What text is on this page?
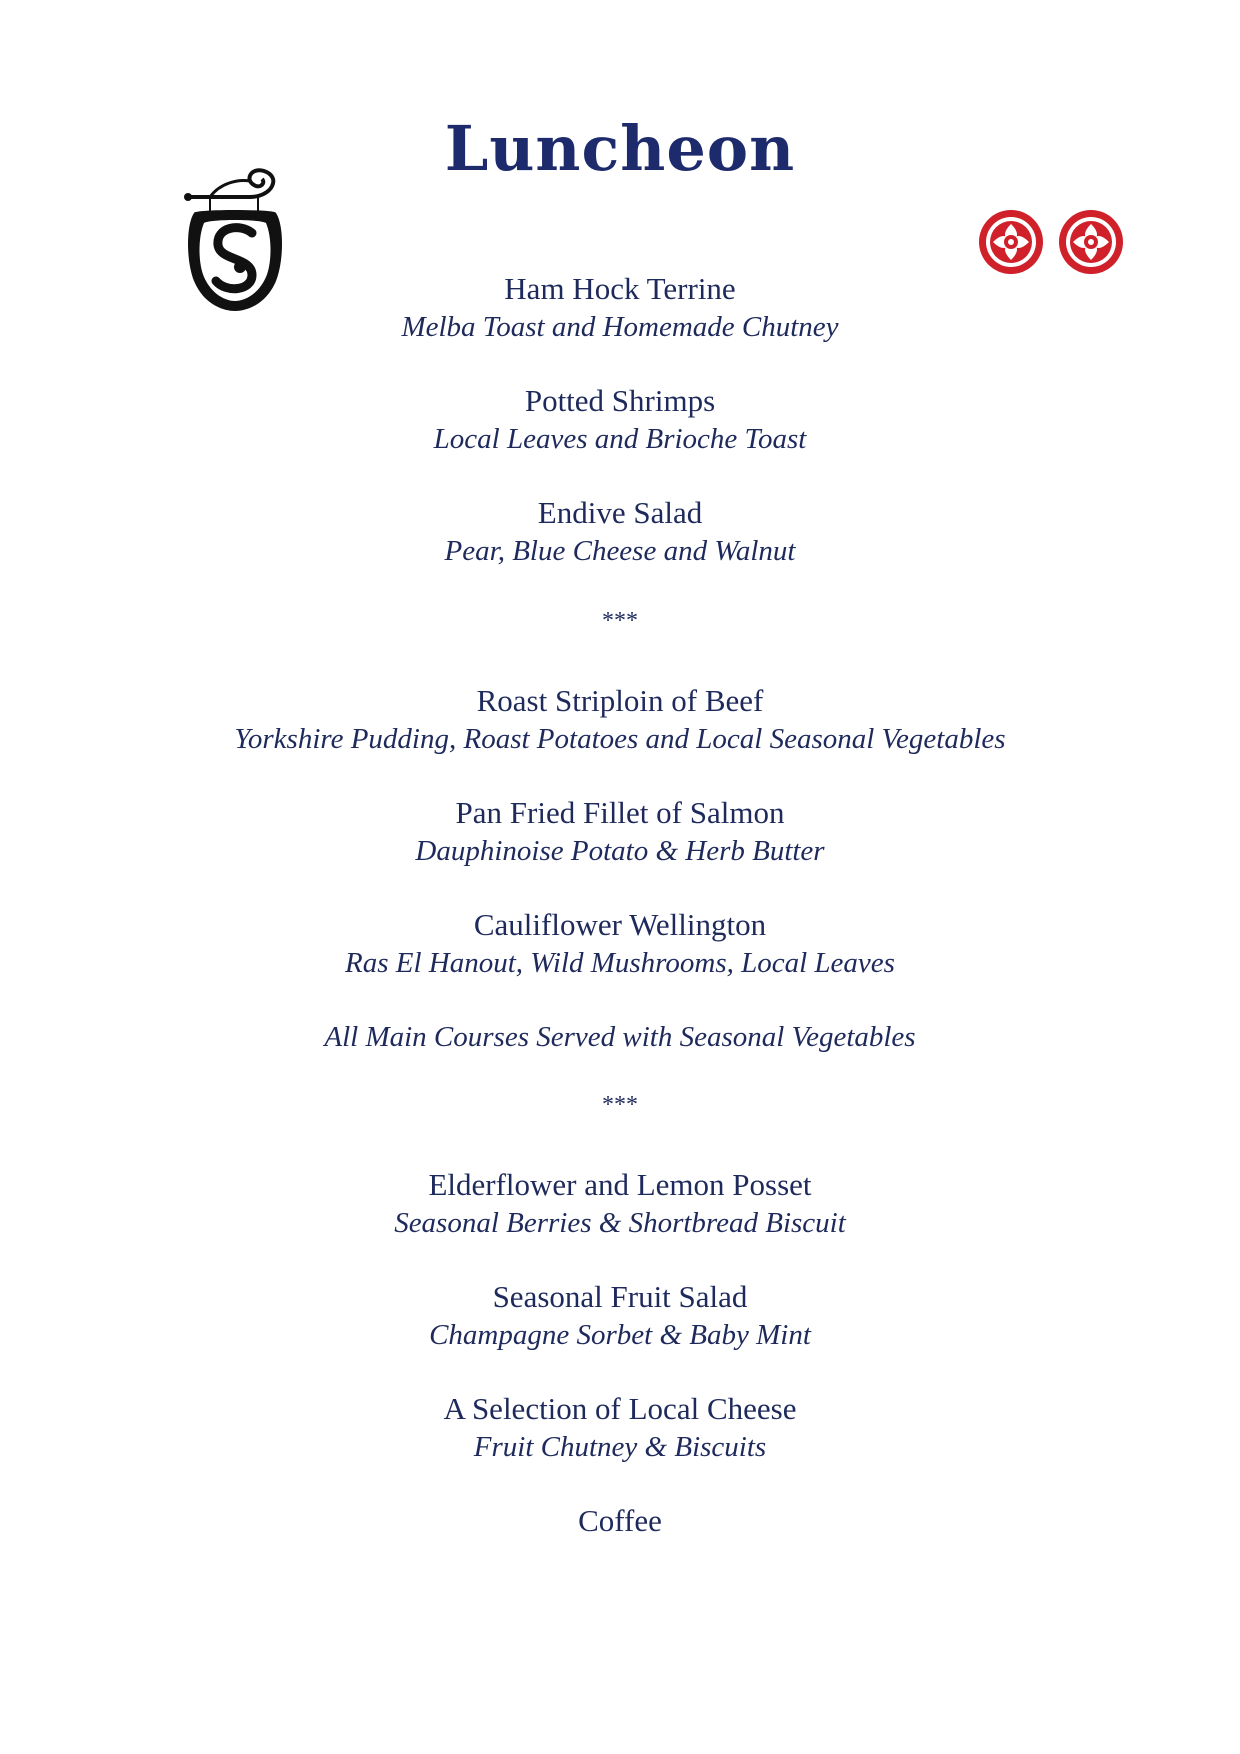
Luncheon
Ham Hock Terrine
Melba Toast and Homemade Chutney
Potted Shrimps
Local Leaves and Brioche Toast
Endive Salad
Pear, Blue Cheese and Walnut
***
Roast Striploin of Beef
Yorkshire Pudding, Roast Potatoes and Local Seasonal Vegetables
Pan Fried Fillet of Salmon
Dauphinoise Potato & Herb Butter
Cauliflower Wellington
Ras El Hanout, Wild Mushrooms, Local Leaves
All Main Courses Served with Seasonal Vegetables
***
Elderflower and Lemon Posset
Seasonal Berries & Shortbread Biscuit
Seasonal Fruit Salad
Champagne Sorbet & Baby Mint
A Selection of Local Cheese
Fruit Chutney & Biscuits
Coffee
